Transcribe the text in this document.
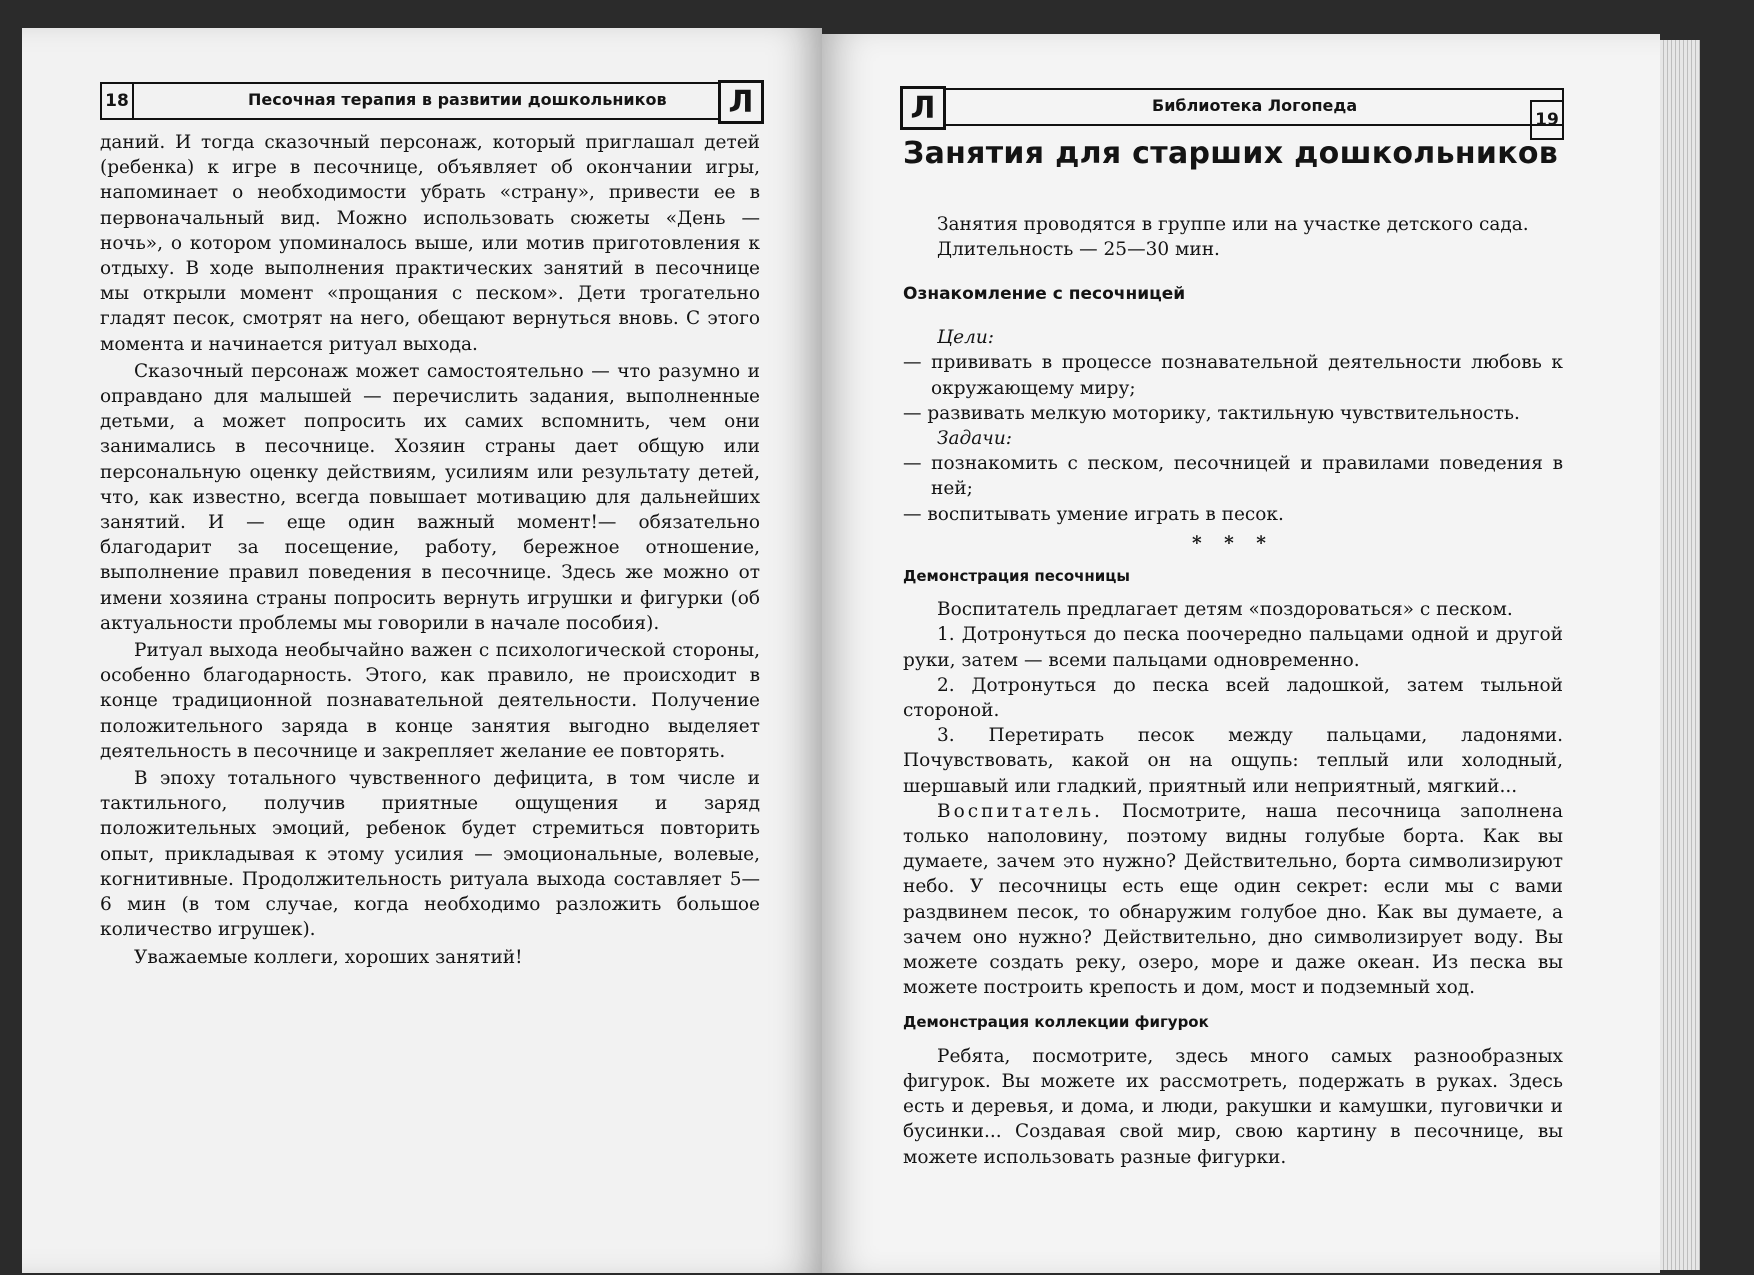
18	Песочная терапия в развитии дошкольников	Л

даний. И тогда сказочный персонаж, который приглашал детей (ребенка) к игре в песочнице, объявляет об окончании игры, напоминает о необходимости убрать «страну», привести ее в первоначальный вид. Можно использовать сюжеты «День — ночь», о котором упоминалось выше, или мотив приготовления к отдыху. В ходе выполнения практических занятий в песочнице мы открыли момент «прощания с песком». Дети трогательно гладят песок, смотрят на него, обещают вернуться вновь. С этого момента и начинается ритуал выхода.

Сказочный персонаж может самостоятельно — что разумно и оправдано для малышей — перечислить задания, выполненные детьми, а может попросить их самих вспомнить, чем они занимались в песочнице. Хозяин страны дает общую или персональную оценку действиям, усилиям или результату детей, что, как известно, всегда повышает мотивацию для дальнейших занятий. И — еще один важный момент!— обязательно благодарит за посещение, работу, бережное отношение, выполнение правил поведения в песочнице. Здесь же можно от имени хозяина страны попросить вернуть игрушки и фигурки (об актуальности проблемы мы говорили в начале пособия).

Ритуал выхода необычайно важен с психологической стороны, особенно благодарность. Этого, как правило, не происходит в конце традиционной познавательной деятельности. Получение положительного заряда в конце занятия выгодно выделяет деятельность в песочнице и закрепляет желание ее повторять.

В эпоху тотального чувственного дефицита, в том числе и тактильного, получив приятные ощущения и заряд положительных эмоций, ребенок будет стремиться повторить опыт, прикладывая к этому усилия — эмоциональные, волевые, когнитивные. Продолжительность ритуала выхода составляет 5—6 мин (в том случае, когда необходимо разложить большое количество игрушек).

Уважаемые коллеги, хороших занятий!

Л	Библиотека Логопеда
19
Занятия для старших дошкольников

Занятия проводятся в группе или на участке детского сада.

Длительность — 25—30 мин.

Ознакомление с песочницей

Цели:

— прививать в процессе познавательной деятельности любовь к окружающему миру;

— развивать мелкую моторику, тактильную чувствительность.

Задачи:

— познакомить с песком, песочницей и правилами поведения в ней;

— воспитывать умение играть в песок.

* * *

Демонстрация песочницы

Воспитатель предлагает детям «поздороваться» с песком.

1. Дотронуться до песка поочередно пальцами одной и другой руки, затем — всеми пальцами одновременно.

2. Дотронуться до песка всей ладошкой, затем тыльной стороной.

3. Перетирать песок между пальцами, ладонями. Почувствовать, какой он на ощупь: теплый или холодный, шершавый или гладкий, приятный или неприятный, мягкий...

Воспитатель. Посмотрите, наша песочница заполнена только наполовину, поэтому видны голубые борта. Как вы думаете, зачем это нужно? Действительно, борта символизируют небо. У песочницы есть еще один секрет: если мы с вами раздвинем песок, то обнаружим голубое дно. Как вы думаете, а зачем оно нужно? Действительно, дно символизирует воду. Вы можете создать реку, озеро, море и даже океан. Из песка вы можете построить крепость и дом, мост и подземный ход.

Демонстрация коллекции фигурок

Ребята, посмотрите, здесь много самых разнообразных фигурок. Вы можете их рассмотреть, подержать в руках. Здесь есть и деревья, и дома, и люди, ракушки и камушки, пуговички и бусинки... Создавая свой мир, свою картину в песочнице, вы можете использовать разные фигурки.
